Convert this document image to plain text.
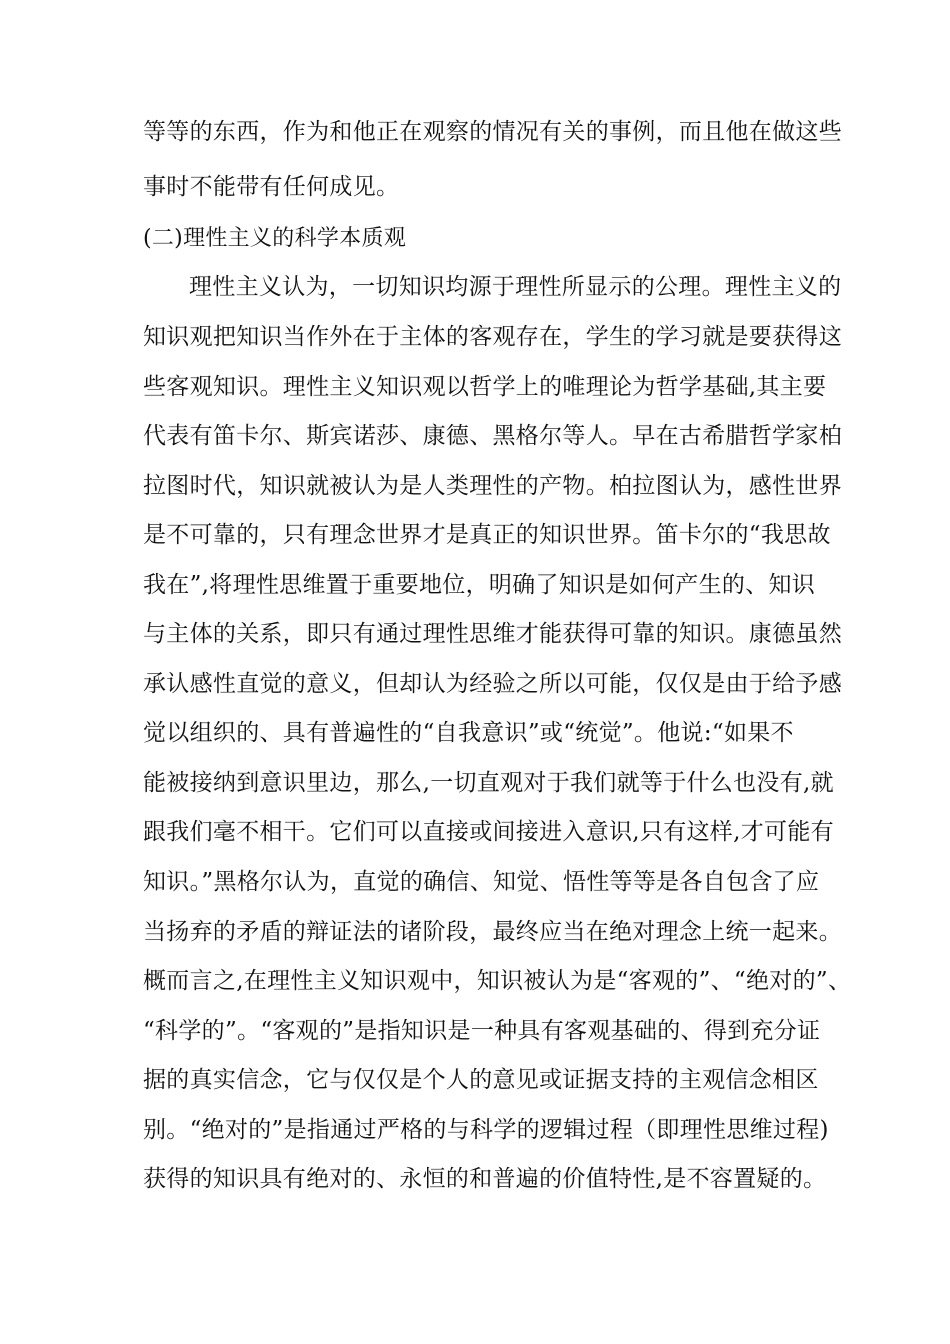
等等的东西，作为和他正在观察的情况有关的事例，而且他在做这些
事时不能带有任何成见。
(二)理性主义的科学本质观
理性主义认为，一切知识均源于理性所显示的公理。理性主义的
知识观把知识当作外在于主体的客观存在，学生的学习就是要获得这
些客观知识。理性主义知识观以哲学上的唯理论为哲学基础,其主要
代表有笛卡尔、斯宾诺莎、康德、黑格尔等人。早在古希腊哲学家柏
拉图时代，知识就被认为是人类理性的产物。柏拉图认为，感性世界
是不可靠的，只有理念世界才是真正的知识世界。笛卡尔的“我思故
我在”,将理性思维置于重要地位，明确了知识是如何产生的、知识
与主体的关系，即只有通过理性思维才能获得可靠的知识。康德虽然
承认感性直觉的意义，但却认为经验之所以可能，仅仅是由于给予感
觉以组织的、具有普遍性的“自我意识”或“统觉”。他说:“如果不
能被接纳到意识里边，那么,一切直观对于我们就等于什么也没有,就
跟我们毫不相干。它们可以直接或间接进入意识,只有这样,才可能有
知识。”黑格尔认为，直觉的确信、知觉、悟性等等是各自包含了应
当扬弃的矛盾的辩证法的诸阶段，最终应当在绝对理念上统一起来。
概而言之,在理性主义知识观中，知识被认为是“客观的”、“绝对的”、
“科学的”。“客观的”是指知识是一种具有客观基础的、得到充分证
据的真实信念，它与仅仅是个人的意见或证据支持的主观信念相区
别。“绝对的”是指通过严格的与科学的逻辑过程（即理性思维过程)
获得的知识具有绝对的、永恒的和普遍的价值特性,是不容置疑的。
